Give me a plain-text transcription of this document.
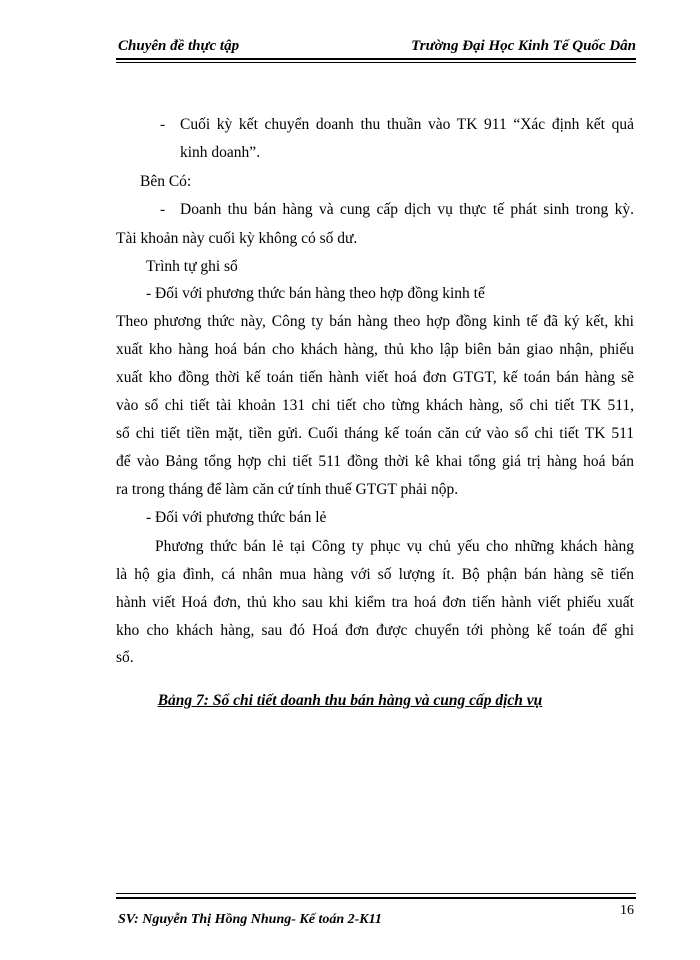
Chuyên đề thực tập	Trường Đại Học Kinh Tế Quốc Dân
- Cuối kỳ kết chuyển doanh thu thuần vào TK 911 “Xác định kết quả
kinh doanh”.
Bên Có:
- Doanh thu bán hàng và cung cấp dịch vụ thực tế phát sinh trong kỳ.
Tài khoản này cuối kỳ không có số dư.
Trình tự ghi sổ
- Đối với phương thức bán hàng theo hợp đồng kinh tế
Theo phương thức này, Công ty bán hàng theo hợp đồng kinh tế đã ký kết, khi
xuất kho hàng hoá bán cho khách hàng, thủ kho lập biên bản giao nhận, phiếu
xuất kho đồng thời kế toán tiến hành viết hoá đơn GTGT, kế toán bán hàng sẽ
vào sổ chi tiết tài khoản 131 chi tiết cho từng khách hàng, sổ chi tiết TK 511,
sổ chi tiết tiền mặt, tiền gửi. Cuối tháng kế toán căn cứ vào sổ chi tiết TK 511
để vào Bảng tổng hợp chi tiết 511 đồng thời kê khai tổng giá trị hàng hoá bán
ra trong tháng để làm căn cứ tính thuế GTGT phải nộp.
- Đối với phương thức bán lẻ
Phương thức bán lẻ tại Công ty phục vụ chủ yếu cho những khách hàng
là hộ gia đình, cá nhân mua hàng với số lượng ít. Bộ phận bán hàng sẽ tiến
hành viết Hoá đơn, thủ kho sau khi kiểm tra hoá đơn tiến hành viết phiếu xuất
kho cho khách hàng, sau đó Hoá đơn được chuyển tới phòng kế toán để ghi
sổ.
Bảng 7: Sổ chi tiết doanh thu bán hàng và cung cấp dịch vụ
SV: Nguyễn Thị Hồng Nhung- Kế toán 2-K11
16
